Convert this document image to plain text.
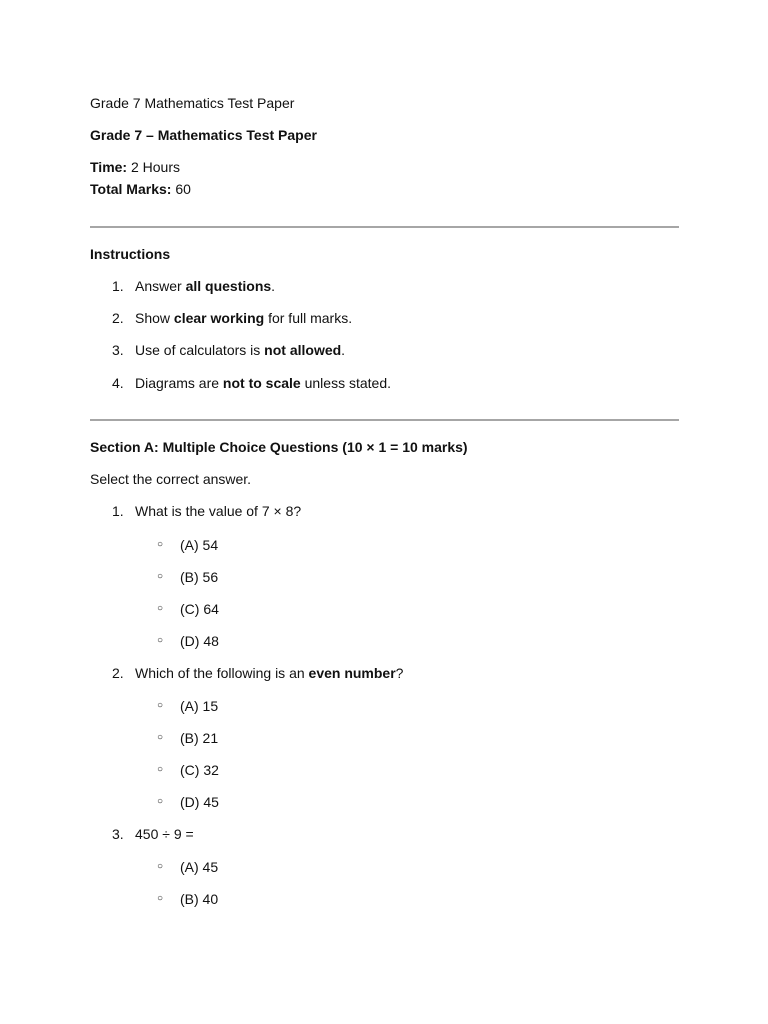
Grade 7 Mathematics Test Paper
Grade 7 – Mathematics Test Paper
Time: 2 Hours
Total Marks: 60
Instructions
1. Answer all questions.
2. Show clear working for full marks.
3. Use of calculators is not allowed.
4. Diagrams are not to scale unless stated.
Section A: Multiple Choice Questions (10 × 1 = 10 marks)
Select the correct answer.
1. What is the value of 7 × 8?
○ (A) 54
○ (B) 56
○ (C) 64
○ (D) 48
2. Which of the following is an even number?
○ (A) 15
○ (B) 21
○ (C) 32
○ (D) 45
3. 450 ÷ 9 =
○ (A) 45
○ (B) 40
